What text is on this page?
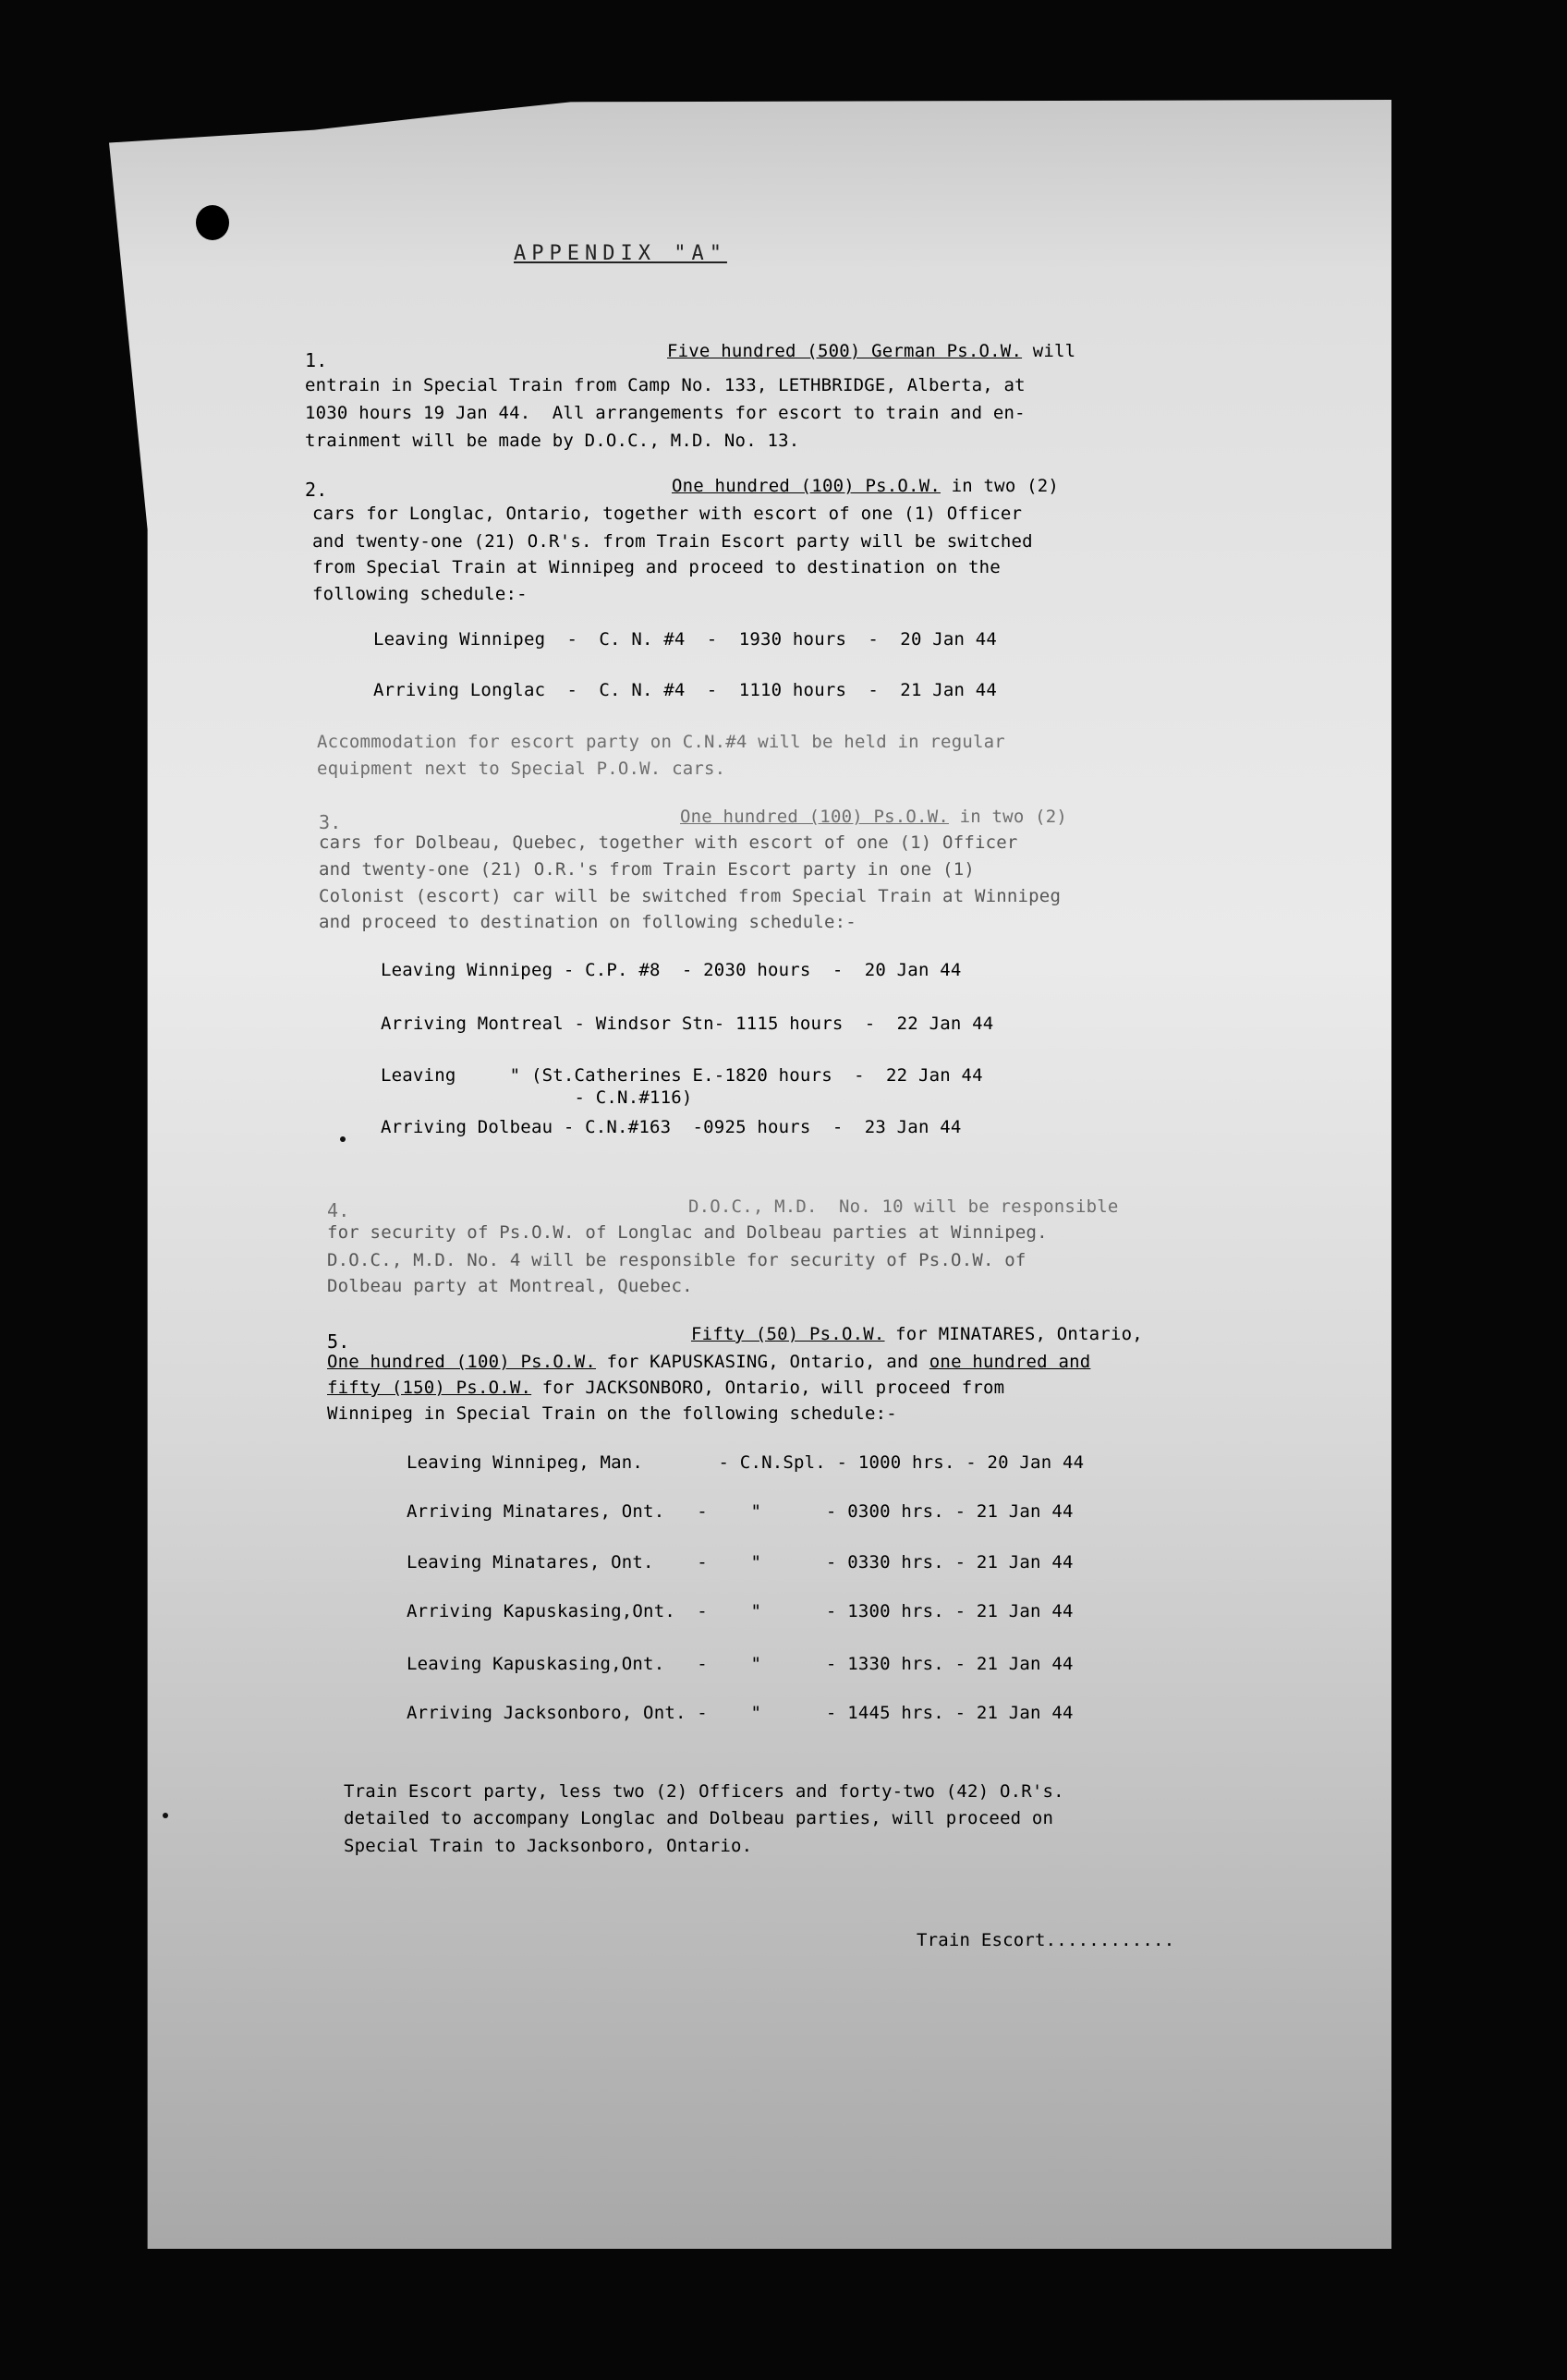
APPENDIX "A"
1.	Five hundred (500) German Ps.O.W. will
entrain in Special Train from Camp No. 133, LETHBRIDGE, Alberta, at
1030 hours 19 Jan 44.  All arrangements for escort to train and en-
trainment will be made by D.O.C., M.D. No. 13.
2.	One hundred (100) Ps.O.W. in two (2)
cars for Longlac, Ontario, together with escort of one (1) Officer
and twenty-one (21) O.R's. from Train Escort party will be switched
from Special Train at Winnipeg and proceed to destination on the
following schedule:-
Leaving Winnipeg  -  C. N. #4  -  1930 hours  -  20 Jan 44
Arriving Longlac  -  C. N. #4  -  1110 hours  -  21 Jan 44
Accommodation for escort party on C.N.#4 will be held in regular
equipment next to Special P.O.W. cars.
3.	One hundred (100) Ps.O.W. in two (2)
cars for Dolbeau, Quebec, together with escort of one (1) Officer
and twenty-one (21) O.R.'s from Train Escort party in one (1)
Colonist (escort) car will be switched from Special Train at Winnipeg
and proceed to destination on following schedule:-
Leaving Winnipeg - C.P. #8  - 2030 hours  -  20 Jan 44
Arriving Montreal - Windsor Stn- 1115 hours  -  22 Jan 44
Leaving     " (St.Catherines E.-1820 hours  -  22 Jan 44
- C.N.#116)
Arriving Dolbeau - C.N.#163  -0925 hours  -  23 Jan 44
4.	D.O.C., M.D.  No. 10 will be responsible
for security of Ps.O.W. of Longlac and Dolbeau parties at Winnipeg.
D.O.C., M.D. No. 4 will be responsible for security of Ps.O.W. of
Dolbeau party at Montreal, Quebec.
5.	Fifty (50) Ps.O.W. for MINATARES, Ontario,
One hundred (100) Ps.O.W. for KAPUSKASING, Ontario, and one hundred and
fifty (150) Ps.O.W. for JACKSONBORO, Ontario, will proceed from
Winnipeg in Special Train on the following schedule:-
Leaving Winnipeg, Man.       - C.N.Spl. - 1000 hrs. - 20 Jan 44
Arriving Minatares, Ont.   -    "      - 0300 hrs. - 21 Jan 44
Leaving Minatares, Ont.    -    "      - 0330 hrs. - 21 Jan 44
Arriving Kapuskasing,Ont.  -    "      - 1300 hrs. - 21 Jan 44
Leaving Kapuskasing,Ont.   -    "      - 1330 hrs. - 21 Jan 44
Arriving Jacksonboro, Ont. -    "      - 1445 hrs. - 21 Jan 44
Train Escort party, less two (2) Officers and forty-two (42) O.R's.
detailed to accompany Longlac and Dolbeau parties, will proceed on
Special Train to Jacksonboro, Ontario.
Train Escort............
